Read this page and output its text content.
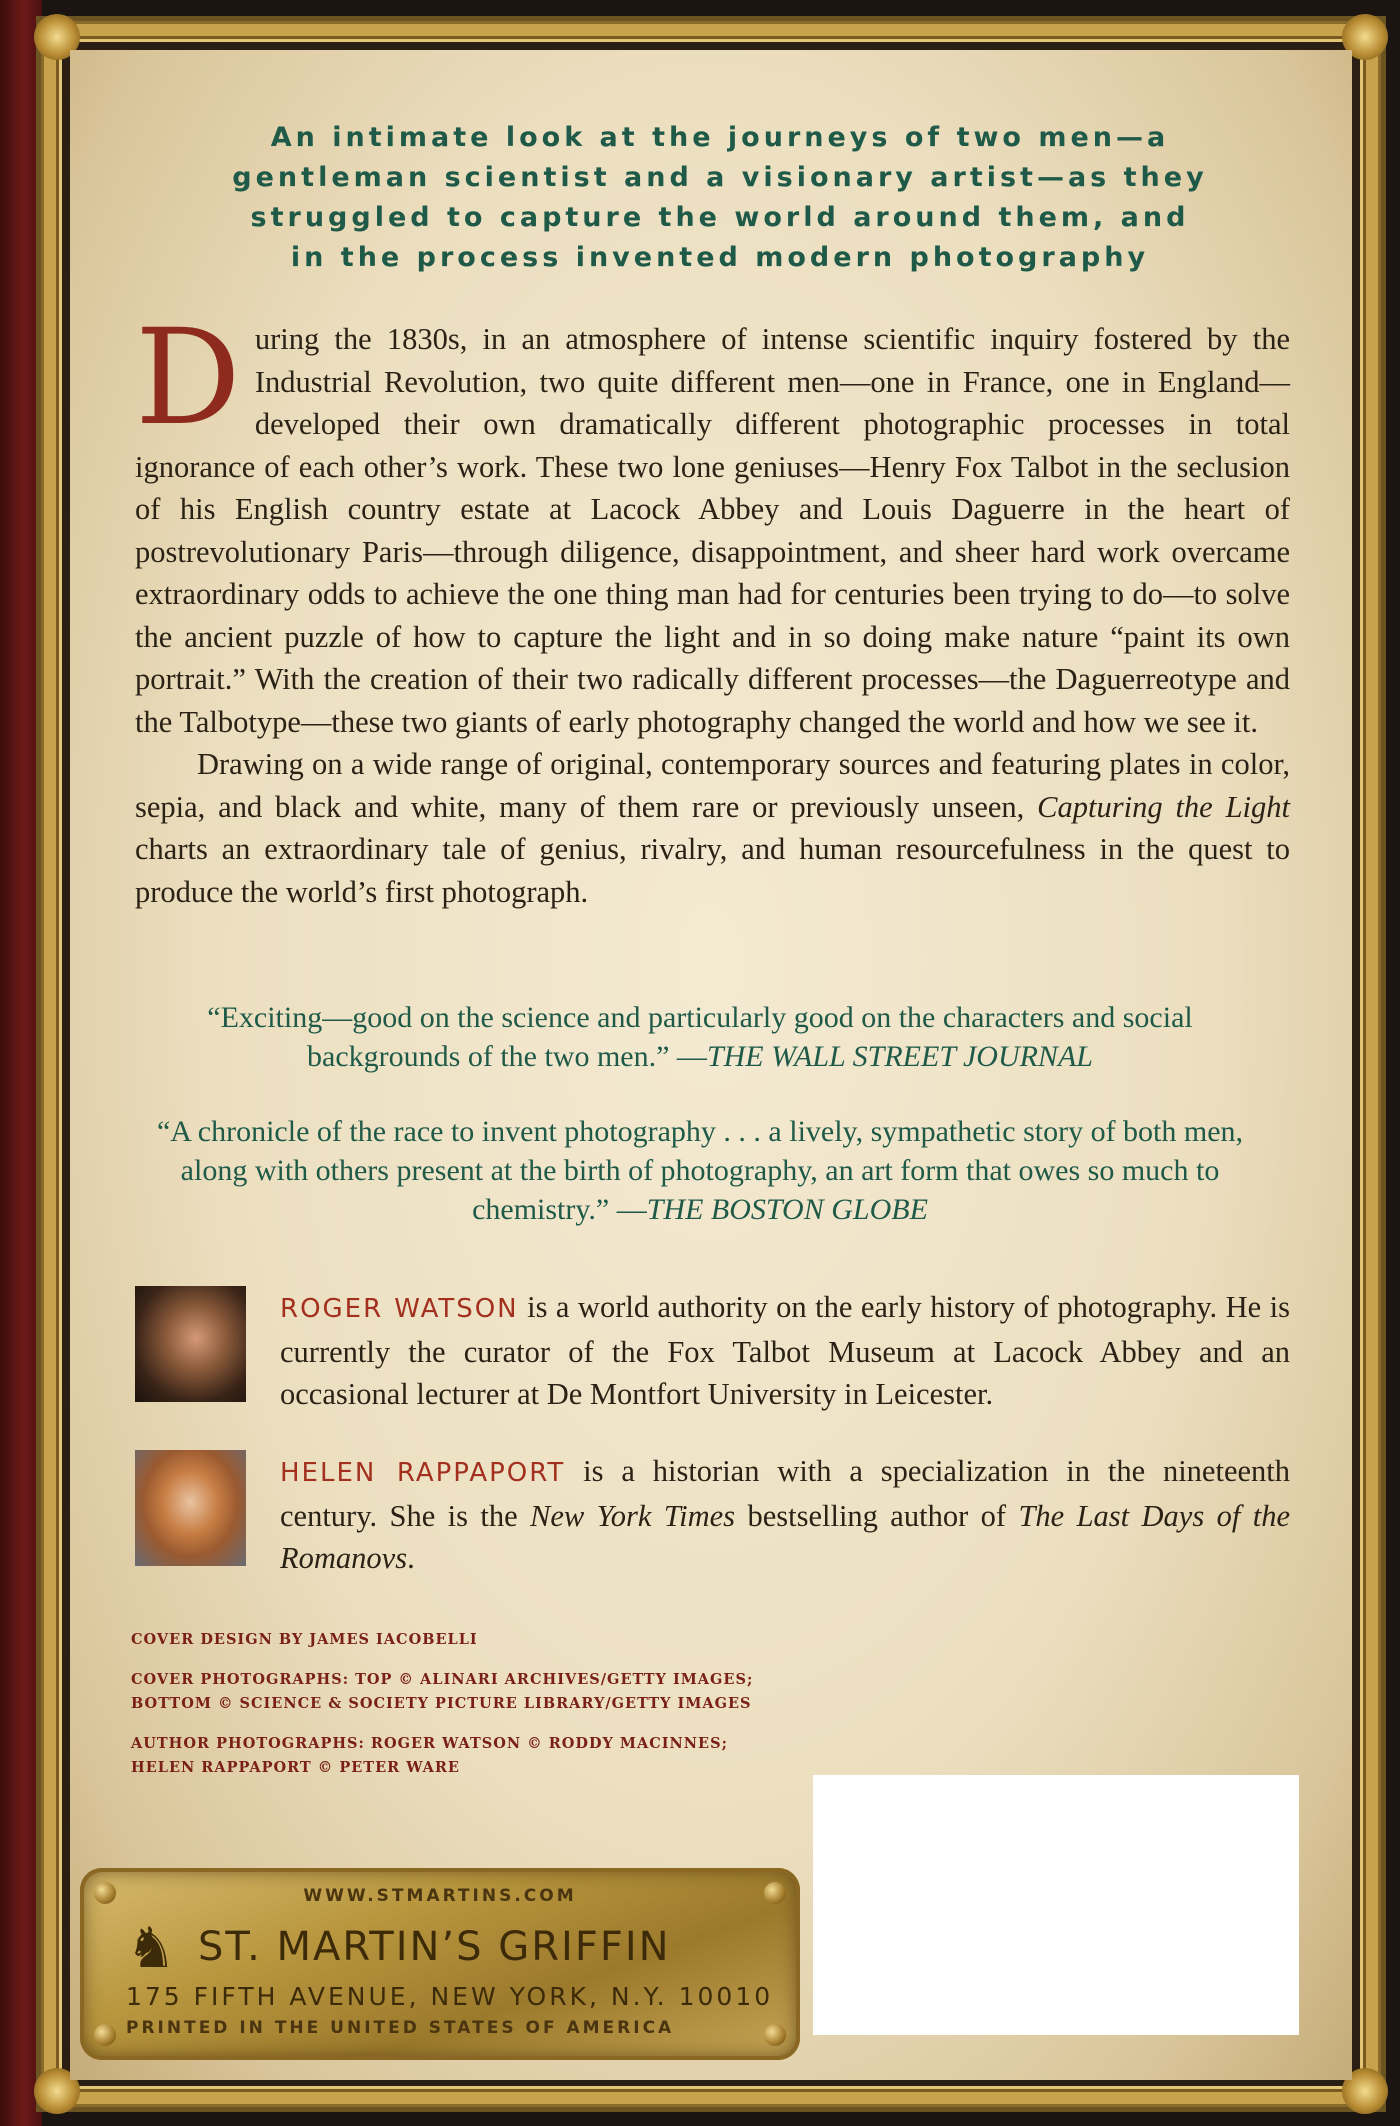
An intimate look at the journeys of two men—a
gentleman scientist and a visionary artist—as they
struggled to capture the world around them, and
in the process invented modern photography

During the 1830s, in an atmosphere of intense scientific inquiry fostered by the Industrial Revolution, two quite different men—one in France, one in England—developed their own dramatically different photographic processes in total ignorance of each other’s work. These two lone geniuses—Henry Fox Talbot in the seclusion of his English country estate at Lacock Abbey and Louis Daguerre in the heart of postrevolutionary Paris—through diligence, disappointment, and sheer hard work overcame extraordinary odds to achieve the one thing man had for centuries been trying to do—to solve the ancient puzzle of how to capture the light and in so doing make nature “paint its own portrait.” With the creation of their two radically different processes—the Daguerreotype and the Talbotype—these two giants of early photography changed the world and how we see it.

Drawing on a wide range of original, contemporary sources and featuring plates in color, sepia, and black and white, many of them rare or previously unseen, Capturing the Light charts an extraordinary tale of genius, rivalry, and human resourcefulness in the quest to produce the world’s first photograph.

“Exciting—good on the science and particularly good on the characters and social backgrounds of the two men.” —THE WALL STREET JOURNAL
“A chronicle of the race to invent photography . . . a lively, sympathetic story of both men, along with others present at the birth of photography, an art form that owes so much to chemistry.” —THE BOSTON GLOBE

ROGER WATSON is a world authority on the early history of photography. He is currently the curator of the Fox Talbot Museum at Lacock Abbey and an occasional lecturer at De Montfort University in Leicester.

HELEN RAPPAPORT is a historian with a specialization in the nineteenth century. She is the New York Times bestselling author of The Last Days of the Romanovs.

COVER DESIGN BY JAMES IACOBELLI
COVER PHOTOGRAPHS: TOP © ALINARI ARCHIVES/GETTY IMAGES;
BOTTOM © SCIENCE & SOCIETY PICTURE LIBRARY/GETTY IMAGES
AUTHOR PHOTOGRAPHS: ROGER WATSON © RODDY MACINNES;
HELEN RAPPAPORT © PETER WARE
WWW.STMARTINS.COM
♞ ST. MARTIN’S GRIFFIN
175 FIFTH AVENUE, NEW YORK, N.Y. 10010
PRINTED IN THE UNITED STATES OF AMERICA
